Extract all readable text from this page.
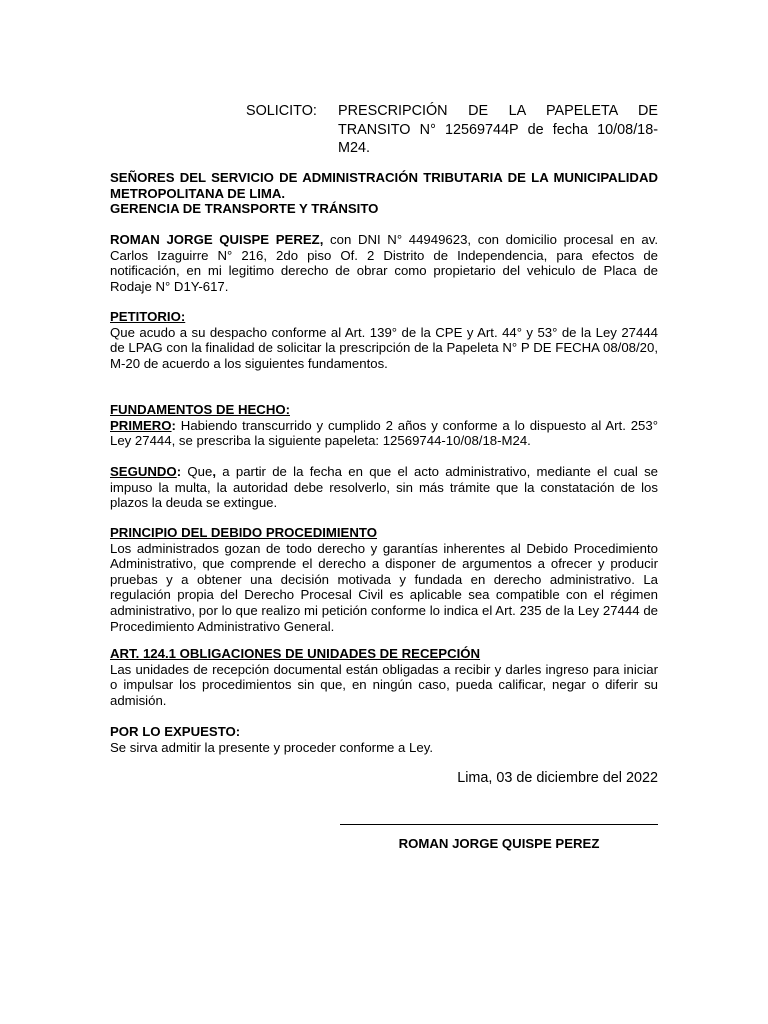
SOLICITO: PRESCRIPCIÓN DE LA PAPELETA DE TRANSITO N° 12569744P de fecha 10/08/18- M24.
SEÑORES DEL SERVICIO DE ADMINISTRACIÓN TRIBUTARIA DE LA MUNICIPALIDAD METROPOLITANA DE LIMA.
GERENCIA DE TRANSPORTE Y TRÁNSITO
ROMAN JORGE QUISPE PEREZ, con DNI N° 44949623, con domicilio procesal en av. Carlos Izaguirre N° 216, 2do piso Of. 2 Distrito de Independencia, para efectos de notificación, en mi legitimo derecho de obrar como propietario del vehiculo de Placa de Rodaje N° D1Y-617.
PETITORIO:
Que acudo a su despacho conforme al Art. 139° de la CPE y Art. 44° y 53° de la Ley 27444 de LPAG con la finalidad de solicitar la prescripción de la Papeleta N° P DE FECHA 08/08/20, M-20 de acuerdo a los siguientes fundamentos.
FUNDAMENTOS DE HECHO:
PRIMERO: Habiendo transcurrido y cumplido 2 años y conforme a lo dispuesto al Art. 253° Ley 27444, se prescriba la siguiente papeleta: 12569744-10/08/18-M24.
SEGUNDO: Que, a partir de la fecha en que el acto administrativo, mediante el cual se impuso la multa, la autoridad debe resolverlo, sin más trámite que la constatación de los plazos la deuda se extingue.
PRINCIPIO DEL DEBIDO PROCEDIMIENTO
Los administrados gozan de todo derecho y garantías inherentes al Debido Procedimiento Administrativo, que comprende el derecho a disponer de argumentos a ofrecer y producir pruebas y a obtener una decisión motivada y fundada en derecho administrativo. La regulación propia del Derecho Procesal Civil es aplicable sea compatible con el régimen administrativo, por lo que realizo mi petición conforme lo indica el Art. 235 de la Ley 27444 de Procedimiento Administrativo General.
ART. 124.1 OBLIGACIONES DE UNIDADES DE RECEPCIÓN
Las unidades de recepción documental están obligadas a recibir y darles ingreso para iniciar o impulsar los procedimientos sin que, en ningún caso, pueda calificar, negar o diferir su admisión.
POR LO EXPUESTO:
Se sirva admitir la presente y proceder conforme a Ley.
Lima, 03 de diciembre del 2022
ROMAN JORGE QUISPE PEREZ
